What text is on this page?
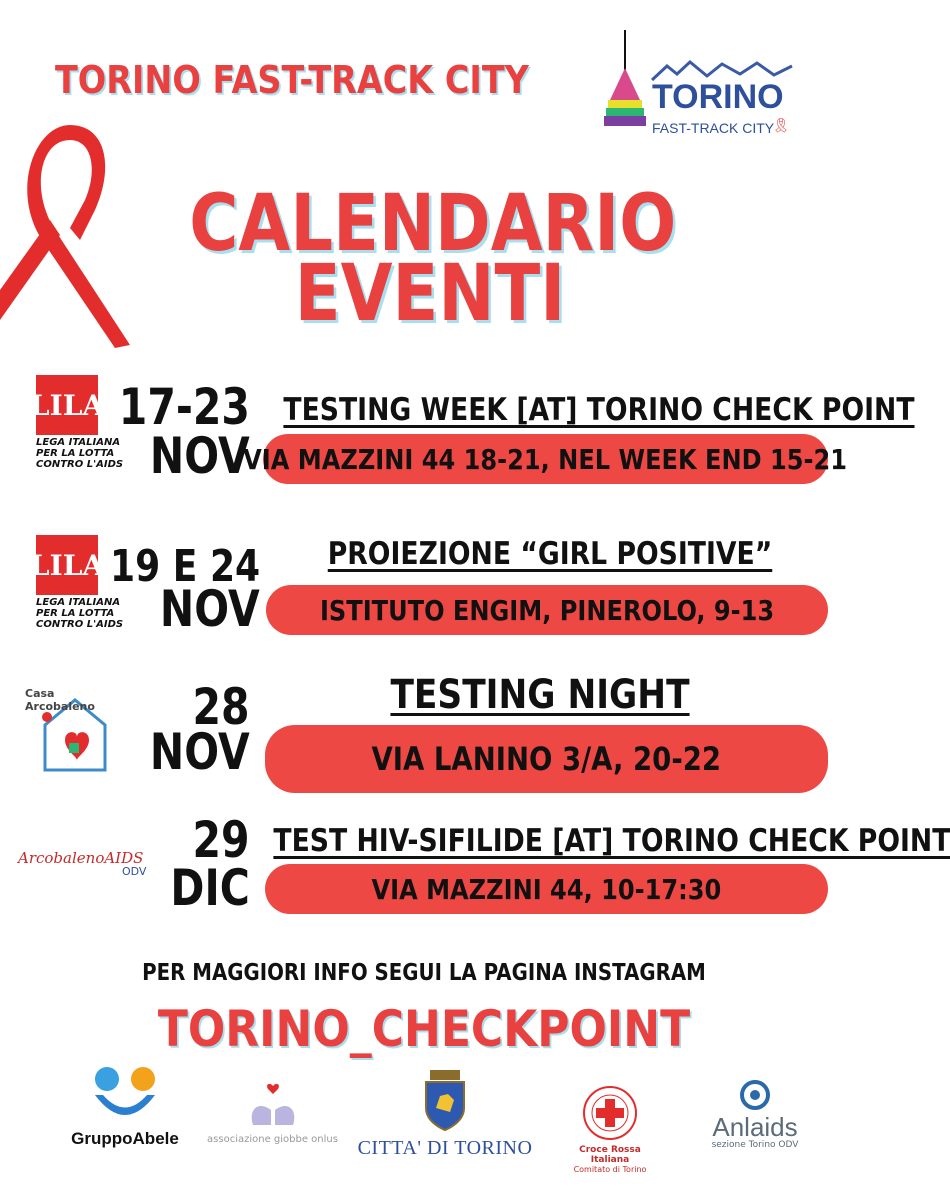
TORINO FAST-TRACK CITY	TORINO
FAST-TRACK CITY
🎗
CALENDARIO
EVENTI
LILA
LEGA ITALIANA
PER LA LOTTA
CONTRO L'AIDS
17-23
NOV
TESTING WEEK [AT] TORINO CHECK POINT
VIA MAZZINI 44 18-21, NEL WEEK END 15-21
LILA
LEGA ITALIANA
PER LA LOTTA
CONTRO L'AIDS
19 E 24
NOV
PROIEZIONE “GIRL POSITIVE”
ISTITUTO ENGIM, PINEROLO, 9-13
Casa Arcobaleno	28
NOV
TESTING NIGHT
VIA LANINO 3/A, 20-22
ArcobalenoAIDS
ODV
29
DIC
TEST HIV-SIFILIDE [AT] TORINO CHECK POINT
VIA MAZZINI 44, 10-17:30
PER MAGGIORI INFO SEGUI LA PAGINA INSTAGRAM
TORINO_CHECKPOINT
GruppoAbele	associazione giobbe onlus CITTA' DI TORINO	Croce Rossa Italiana
Comitato di Torino
Anlaids
sezione Torino ODV
